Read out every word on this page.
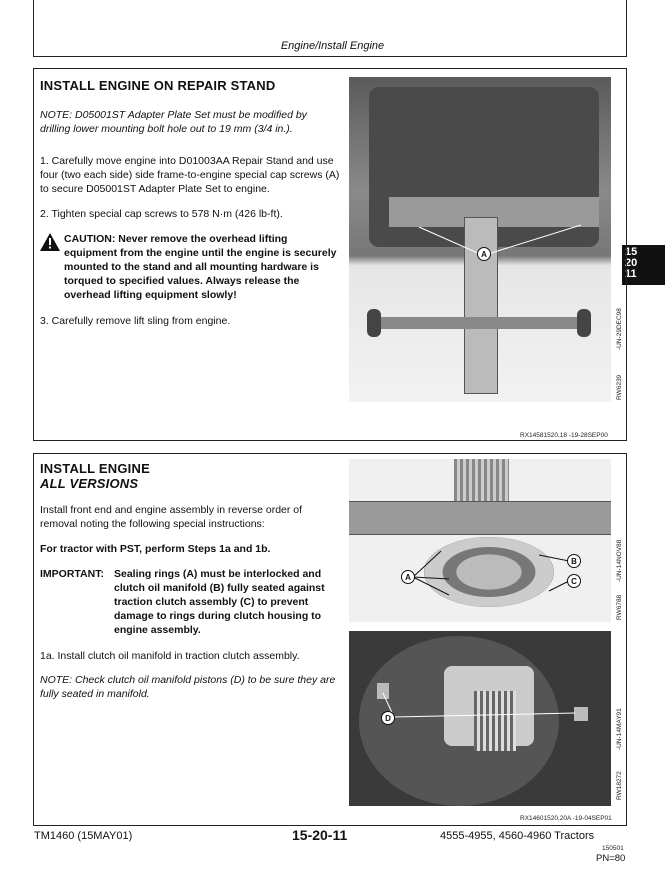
Engine/Install Engine
15
20
11
INSTALL ENGINE ON REPAIR STAND
NOTE: D05001ST Adapter Plate Set must be modified by drilling lower mounting bolt hole out to 19 mm (3/4 in.).
1. Carefully move engine into D01003AA Repair Stand and use four (two each side) side frame-to-engine special cap screws (A) to secure D05001ST Adapter Plate Set to engine.
2. Tighten special cap screws to 578 N·m (426 lb-ft).
CAUTION: Never remove the overhead lifting equipment from the engine until the engine is securely mounted to the stand and all mounting hardware is torqued to specified values. Always release the overhead lifting equipment slowly!
3. Carefully remove lift sling from engine.
A
-UN-29DEC98
RW6239
RX14581520,18 -19-28SEP00
INSTALL ENGINE
ALL VERSIONS
Install front end and engine assembly in reverse order of removal noting the following special instructions:
For tractor with PST, perform Steps 1a and 1b.
IMPORTANT: Sealing rings (A) must be interlocked and clutch oil manifold (B) fully seated against traction clutch assembly (C) to prevent damage to rings during clutch housing to engine assembly.
1a. Install clutch oil manifold in traction clutch assembly.
NOTE: Check clutch oil manifold pistons (D) to be sure they are fully seated in manifold.
A
B
C	-UN-14NOV88
RW6788
D	-UN-14MAY91
RW18272
RX14601520,20A -19-04SEP01
TM1460 (15MAY01)	15-20-11	4555-4955, 4560-4960 Tractors
150501
PN=80
